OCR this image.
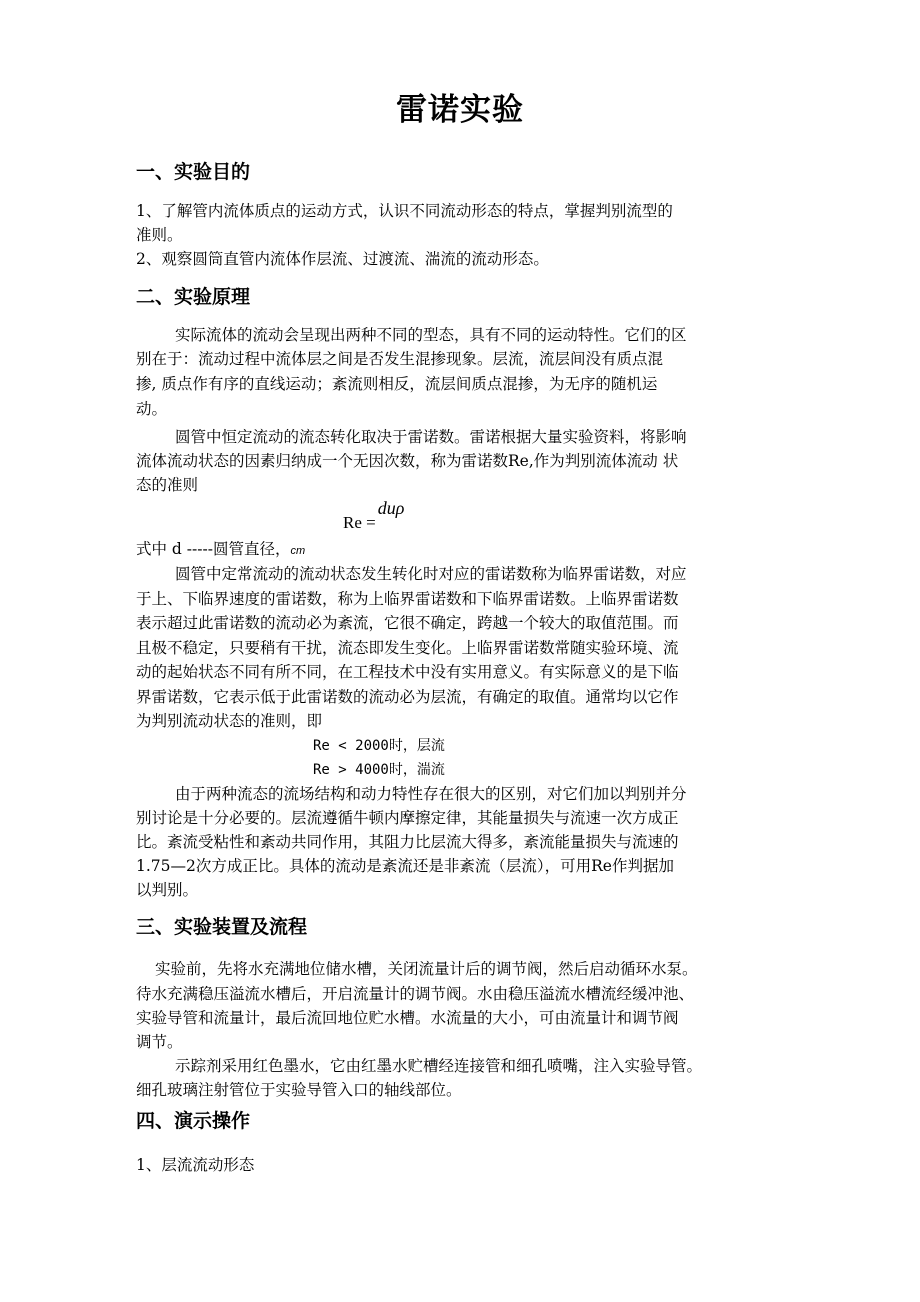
雷诺实验
一、实验目的
1、了解管内流体质点的运动方式，认识不同流动形态的特点，掌握判别流型的
准则。
2、观察圆筒直管内流体作层流、过渡流、湍流的流动形态。
二、实验原理
实际流体的流动会呈现出两种不同的型态，具有不同的运动特性。它们的区
别在于：流动过程中流体层之间是否发生混掺现象。层流，流层间没有质点混
掺, 质点作有序的直线运动；紊流则相反，流层间质点混掺，为无序的随机运
动。
圆管中恒定流动的流态转化取决于雷诺数。雷诺根据大量实验资料，将影响
流体流动状态的因素归纳成一个无因次数，称为雷诺数Re,作为判别流体流动 状
态的准则
Re =duρ
式中 d -----圆管直径，cm
圆管中定常流动的流动状态发生转化时对应的雷诺数称为临界雷诺数，对应
于上、下临界速度的雷诺数，称为上临界雷诺数和下临界雷诺数。上临界雷诺数
表示超过此雷诺数的流动必为紊流，它很不确定，跨越一个较大的取值范围。而
且极不稳定，只要稍有干扰，流态即发生变化。上临界雷诺数常随实验环境、流
动的起始状态不同有所不同，在工程技术中没有实用意义。有实际意义的是下临
界雷诺数，它表示低于此雷诺数的流动必为层流，有确定的取值。通常均以它作
为判别流动状态的准则，即
Re < 2000时，层流
Re > 4000时，湍流
由于两种流态的流场结构和动力特性存在很大的区别，对它们加以判别并分
别讨论是十分必要的。层流遵循牛顿内摩擦定律，其能量损失与流速一次方成正
比。紊流受粘性和紊动共同作用，其阻力比层流大得多，紊流能量损失与流速的
1.75—2次方成正比。具体的流动是紊流还是非紊流（层流），可用Re作判据加
以判别。
三、实验装置及流程
实验前，先将水充满地位储水槽，关闭流量计后的调节阀，然后启动循环水泵。
待水充满稳压溢流水槽后，开启流量计的调节阀。水由稳压溢流水槽流经缓冲池、
实验导管和流量计，最后流回地位贮水槽。水流量的大小，可由流量计和调节阀
调节。
示踪剂采用红色墨水，它由红墨水贮槽经连接管和细孔喷嘴，注入实验导管。
细孔玻璃注射管位于实验导管入口的轴线部位。
四、演示操作
1、层流流动形态
